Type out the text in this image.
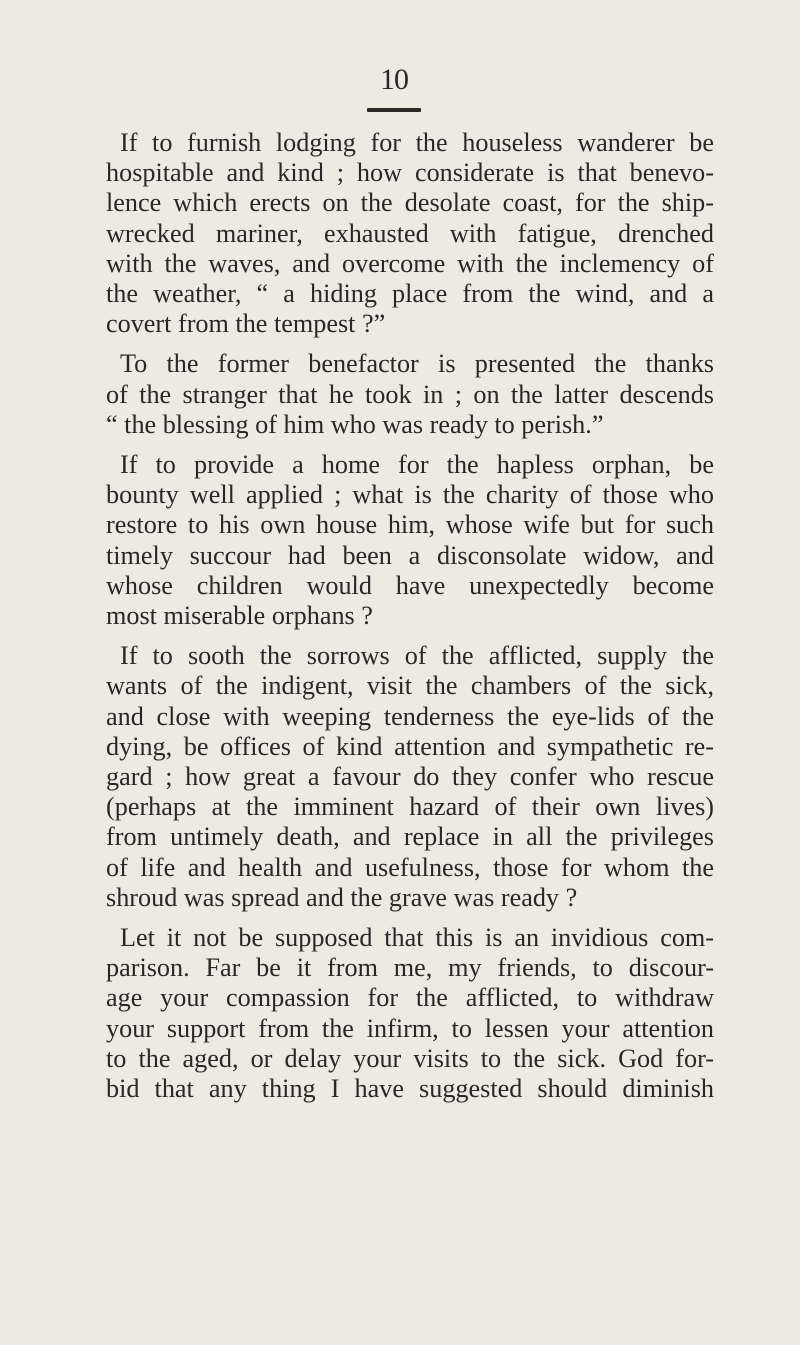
10

If to furnish lodging for the houseless wanderer be
hospitable and kind ; how considerate is that benevo-
lence which erects on the desolate coast, for the ship-
wrecked mariner, exhausted with fatigue, drenched
with the waves, and overcome with the inclemency of
the weather, “ a hiding place from the wind, and a
covert from the tempest ?”

To the former benefactor is presented the thanks
of the stranger that he took in ; on the latter descends
“ the blessing of him who was ready to perish.”

If to provide a home for the hapless orphan, be
bounty well applied ; what is the charity of those who
restore to his own house him, whose wife but for such
timely succour had been a disconsolate widow, and
whose children would have unexpectedly become
most miserable orphans ?

If to sooth the sorrows of the afflicted, supply the
wants of the indigent, visit the chambers of the sick,
and close with weeping tenderness the eye-lids of the
dying, be offices of kind attention and sympathetic re-
gard ; how great a favour do they confer who rescue
(perhaps at the imminent hazard of their own lives)
from untimely death, and replace in all the privileges
of life and health and usefulness, those for whom the
shroud was spread and the grave was ready ?

Let it not be supposed that this is an invidious com-
parison. Far be it from me, my friends, to discour-
age your compassion for the afflicted, to withdraw
your support from the infirm, to lessen your attention
to the aged, or delay your visits to the sick. God for-
bid that any thing I have suggested should diminish
